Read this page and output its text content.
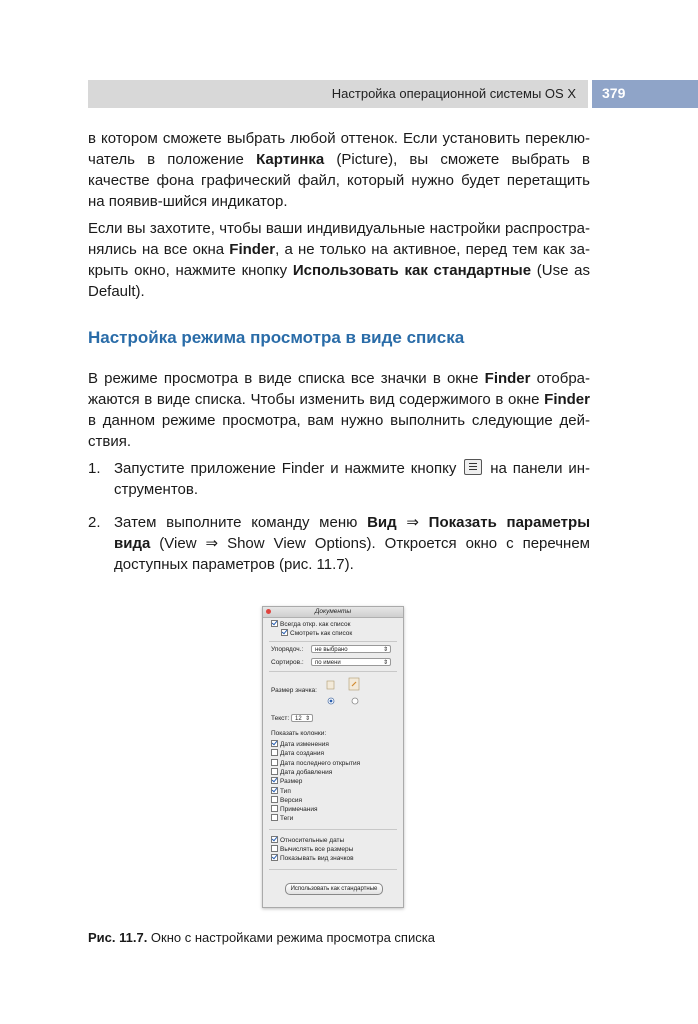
Настройка операционной системы OS X 379
в котором сможете выбрать любой оттенок. Если установить переклю-чатель в положение Картинка (Picture), вы сможете выбрать в качестве фона графический файл, который нужно будет перетащить на появив-шийся индикатор.
Если вы захотите, чтобы ваши индивидуальные настройки распростра-нялись на все окна Finder, а не только на активное, перед тем как за-крыть окно, нажмите кнопку Использовать как стандартные (Use as Default).
Настройка режима просмотра в виде списка
В режиме просмотра в виде списка все значки в окне Finder отобра-жаются в виде списка. Чтобы изменить вид содержимого в окне Finder в данном режиме просмотра, вам нужно выполнить следующие дей-ствия.
1. Запустите приложение Finder и нажмите кнопку
на панели ин-струментов.
2. Затем выполните команду меню Вид ⇒ Показать параметры вида (View ⇒ Show View Options). Откроется окно с перечнем доступных параметров (рис. 11.7).
Документы
Всегда откр. как список
Смотреть как список
Упорядоч.:	не выбрано	⇕
Сортиров.:	по имени	⇕
Размер значка:
Текст: 12 ⇕
Показать колонки:
Дата изменения
Дата создания
Дата последнего открытия
Дата добавления
Размер
Тип
Версия
Примечания
Теги
Относительные даты
Вычислять все размеры
Показывать вид значков
Использовать как стандартные
Рис. 11.7. Окно с настройками режима просмотра списка
